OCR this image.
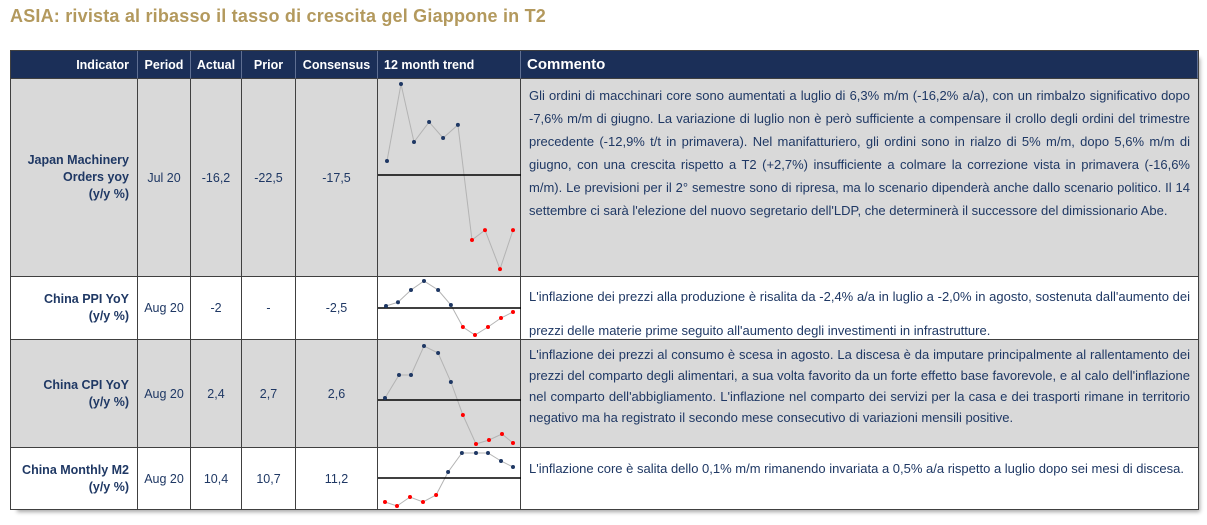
ASIA: rivista al ribasso il tasso di crescita gel Giappone in T2
Indicator	Period	Actual	Prior	Consensus	12 month trend	Commento
Japan Machinery Orders yoy
(y/y %)
Jul 20	-16,2	-22,5	-17,5
Gli ordini di macchinari core sono aumentati a luglio di 6,3% m/m (-16,2% a/a), con un rimbalzo significativo dopo -7,6% m/m di giugno. La variazione di luglio non è però sufficiente a compensare il crollo degli ordini del trimestre precedente (-12,9% t/t in primavera). Nel manifatturiero, gli ordini sono in rialzo di 5% m/m, dopo 5,6% m/m di giugno, con una crescita rispetto a T2 (+2,7%) insufficiente a colmare la correzione vista in primavera (-16,6% m/m). Le previsioni per il 2° semestre sono di ripresa, ma lo scenario dipenderà anche dallo scenario politico. Il 14 settembre ci sarà l'elezione del nuovo segretario dell'LDP, che determinerà il successore del dimissionario Abe.
China PPI YoY
(y/y %)
Aug 20	-2	-	-2,5
L'inflazione dei prezzi alla produzione è risalita da -2,4% a/a in luglio a -2,0% in agosto, sostenuta dall'aumento dei prezzi delle materie prime seguito all'aumento degli investimenti in infrastrutture.
China CPI YoY
(y/y %)
Aug 20	2,4	2,7	2,6
L'inflazione dei prezzi al consumo è scesa in agosto. La discesa è da imputare principalmente al rallentamento dei prezzi del comparto degli alimentari, a sua volta favorito da un forte effetto base favorevole, e al calo dell'inflazione nel comparto dell'abbigliamento. L'inflazione nel comparto dei servizi per la casa e dei trasporti rimane in territorio negativo ma ha registrato il secondo mese consecutivo di variazioni mensili positive.
China Monthly M2
(y/y %)
Aug 20	10,4	10,7	11,2
L'inflazione core è salita dello 0,1% m/m rimanendo invariata a 0,5% a/a rispetto a luglio dopo sei mesi di discesa.
